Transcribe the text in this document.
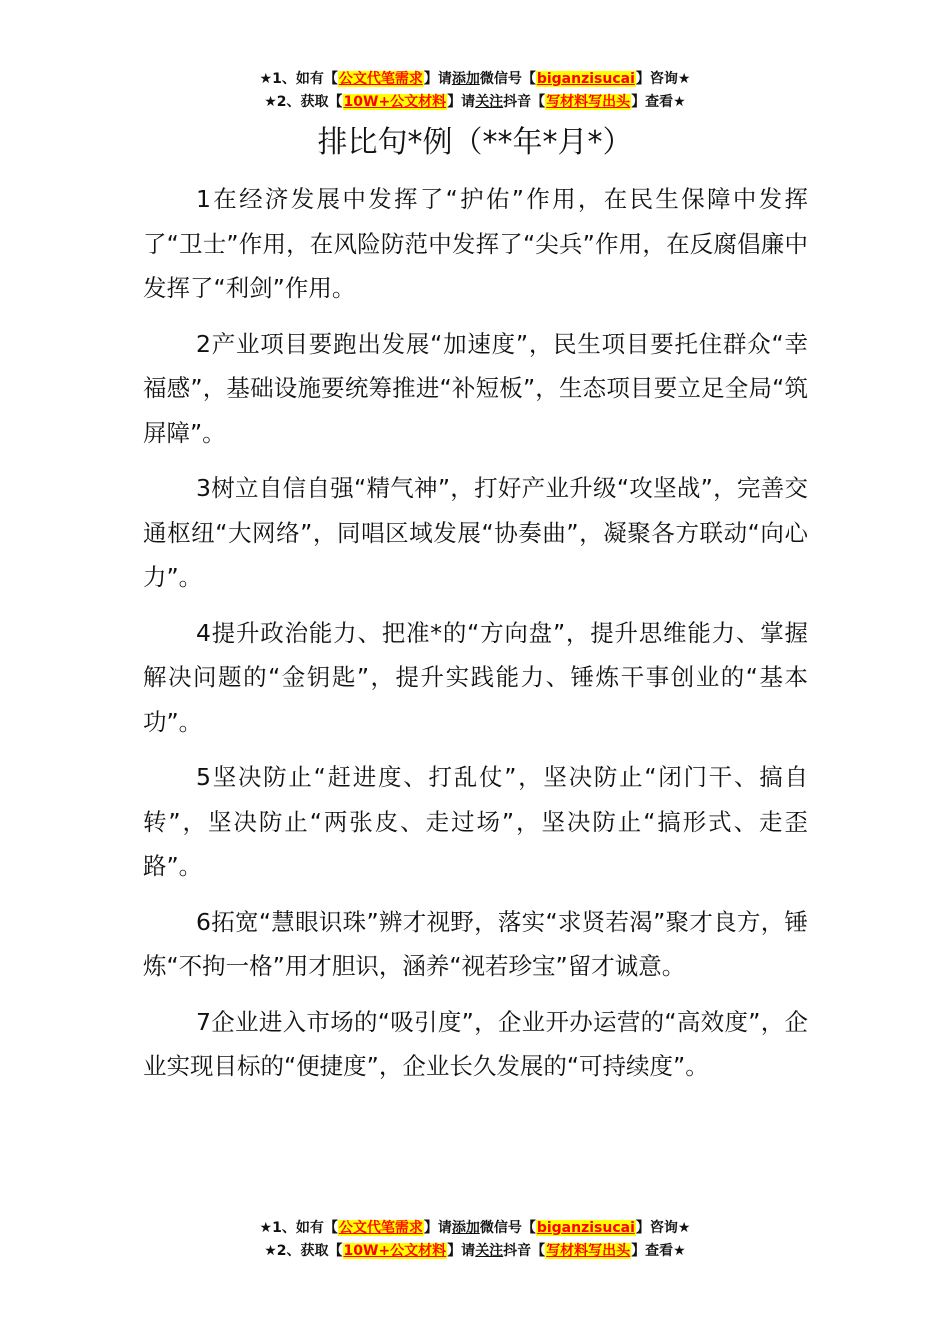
★1、如有【公文代笔需求】请添加微信号【biganzisucai】咨询★
★2、获取【10W+公文材料】请关注抖音【写材料写出头】查看★
排比句*例（**年*月*）

1在经济发展中发挥了“护佑”作用，在民生保障中发挥了“卫士”作用，在风险防范中发挥了“尖兵”作用，在反腐倡廉中发挥了“利剑”作用。

2产业项目要跑出发展“加速度”，民生项目要托住群众“幸福感”，基础设施要统筹推进“补短板”，生态项目要立足全局“筑屏障”。

3树立自信自强“精气神”，打好产业升级“攻坚战”，完善交通枢纽“大网络”，同唱区域发展“协奏曲”，凝聚各方联动“向心力”。

4提升政治能力、把准*的“方向盘”，提升思维能力、掌握解决问题的“金钥匙”，提升实践能力、锤炼干事创业的“基本功”。

5坚决防止“赶进度、打乱仗”，坚决防止“闭门干、搞自转”，坚决防止“两张皮、走过场”，坚决防止“搞形式、走歪路”。

6拓宽“慧眼识珠”辨才视野，落实“求贤若渴”聚才良方，锤炼“不拘一格”用才胆识，涵养“视若珍宝”留才诚意。

7企业进入市场的“吸引度”，企业开办运营的“高效度”，企业实现目标的“便捷度”，企业长久发展的“可持续度”。

★1、如有【公文代笔需求】请添加微信号【biganzisucai】咨询★
★2、获取【10W+公文材料】请关注抖音【写材料写出头】查看★
